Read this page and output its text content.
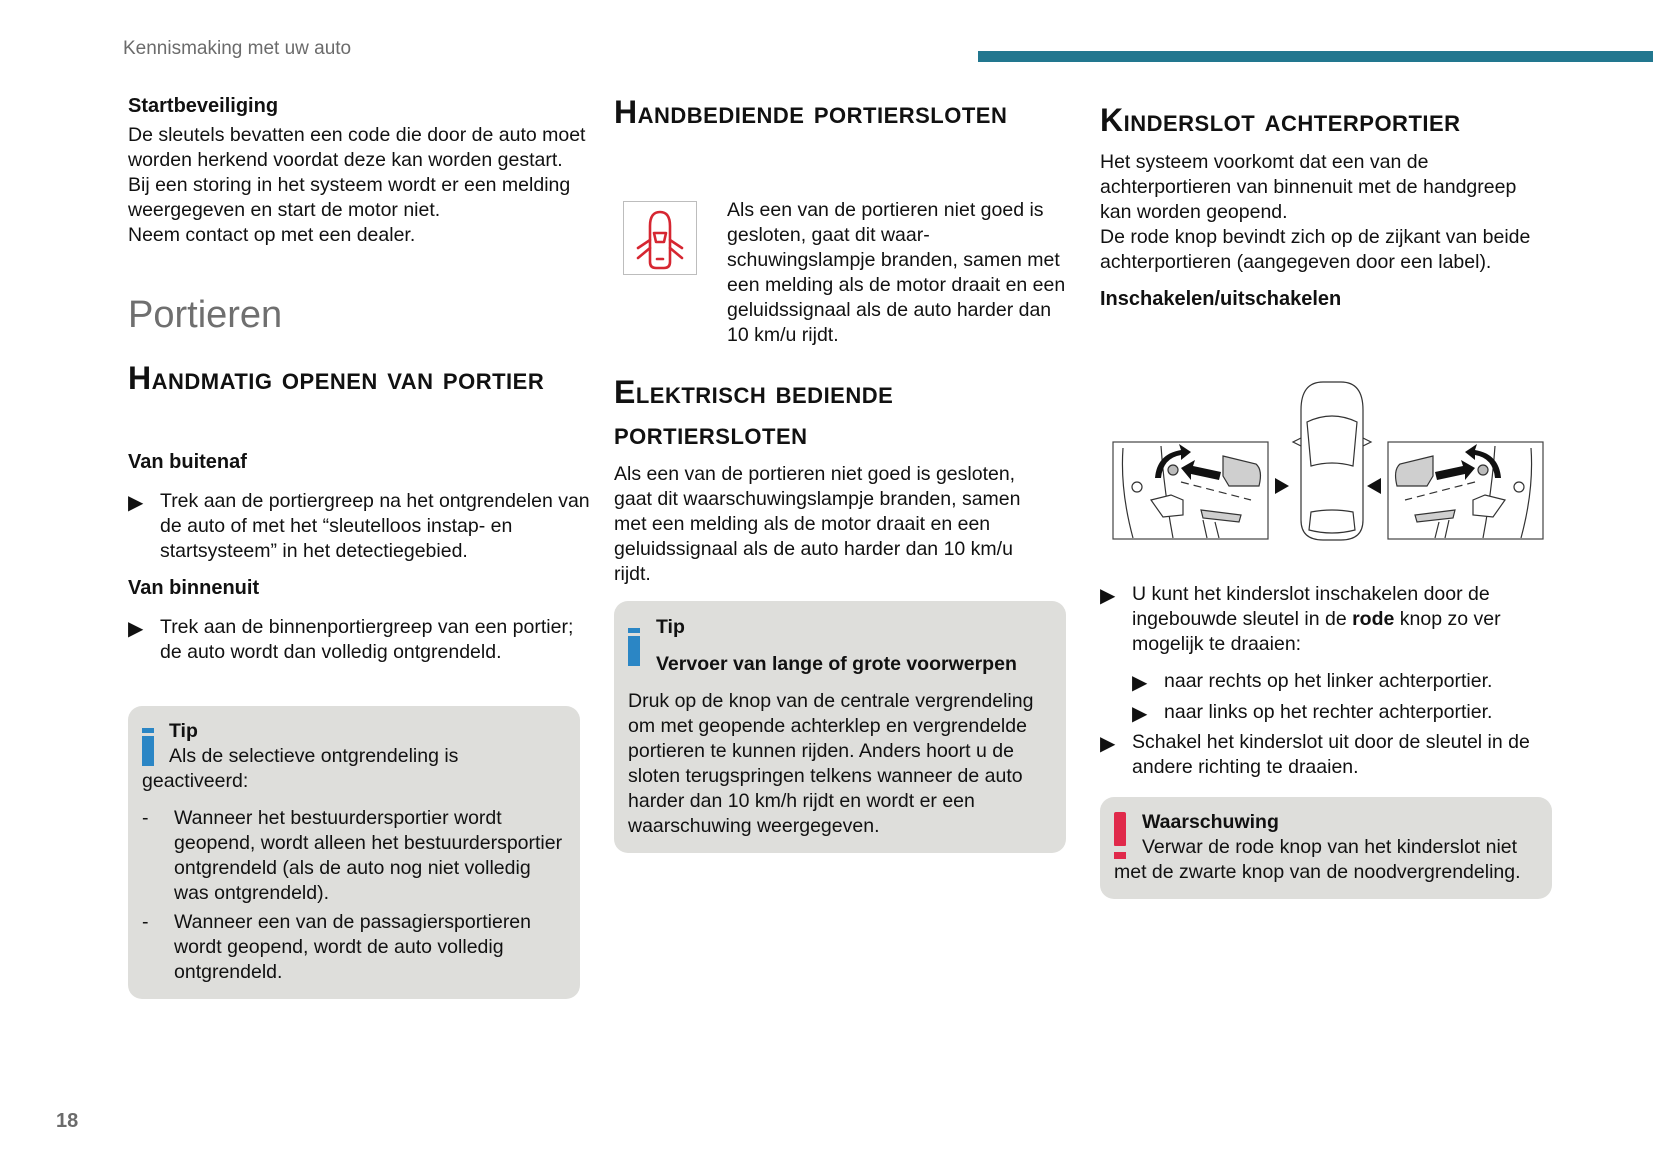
Kennismaking met uw auto

Startbeveiliging

De sleutels bevatten een code die door de auto moet worden herkend voordat deze kan worden gestart.

Bij een storing in het systeem wordt er een melding weergegeven en start de motor niet.

Neem contact op met een dealer.

Portieren
Handmatig openen van portier

Van buitenaf

▶ Trek aan de portiergreep na het ontgrendelen van de auto of met het “sleutelloos instap- en startsysteem” in het detectiegebied.

Van binnenuit

▶ Trek aan de binnenportiergreep van een portier; de auto wordt dan volledig ontgrendeld.
Tip
Als de selectieve ontgrendeling is geactiveerd:
- Wanneer het bestuurdersportier wordt geopend, wordt alleen het bestuurdersportier ontgrendeld (als de auto nog niet volledig was ontgrendeld).
- Wanneer een van de passagiersportieren wordt geopend, wordt de auto volledig ontgrendeld.
Handbediende portiersloten

Als een van de portieren niet goed is gesloten, gaat dit waar-schuwingslampje branden, samen met een melding als de motor draait en een geluidssignaal als de auto harder dan 10 km/u rijdt.

Elektrisch bediende portiersloten

Als een van de portieren niet goed is gesloten, gaat dit waarschuwingslampje branden, samen met een melding als de motor draait en een geluidssignaal als de auto harder dan 10 km/u rijdt.

Tip
Vervoer van lange of grote voorwerpen
Druk op de knop van de centrale vergrendeling om met geopende achterklep en vergrendelde portieren te kunnen rijden. Anders hoort u de sloten terugspringen telkens wanneer de auto harder dan 10 km/h rijdt en wordt er een waarschuwing weergegeven.
Kinderslot achterportier

Het systeem voorkomt dat een van de achterportieren van binnenuit met de handgreep kan worden geopend.

De rode knop bevindt zich op de zijkant van beide achterportieren (aangegeven door een label).

Inschakelen/uitschakelen

▶ U kunt het kinderslot inschakelen door de ingebouwde sleutel in de rode knop zo ver mogelijk te draaien:
▶ naar rechts op het linker achterportier.
▶ naar links op het rechter achterportier.
▶ Schakel het kinderslot uit door de sleutel in de andere richting te draaien.
Waarschuwing
Verwar de rode knop van het kinderslot niet met de zwarte knop van de noodvergrendeling.
18
